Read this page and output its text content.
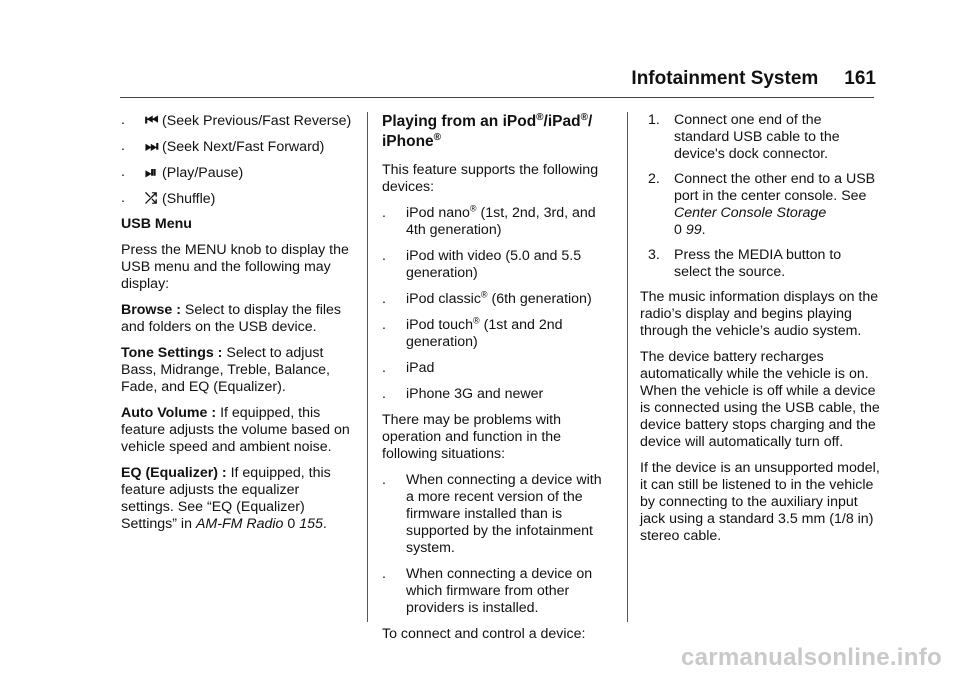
Infotainment System 161
. ⏮ (Seek Previous/Fast Reverse)
. ⏭ (Seek Next/Fast Forward)
. ⏯ (Play/Pause)
. ⤮ (Shuffle)

USB Menu

Press the MENU knob to display the USB menu and the following may display:

Browse : Select to display the files and folders on the USB device.

Tone Settings : Select to adjust Bass, Midrange, Treble, Balance, Fade, and EQ (Equalizer).

Auto Volume : If equipped, this feature adjusts the volume based on vehicle speed and ambient noise.

EQ (Equalizer) : If equipped, this feature adjusts the equalizer settings. See “EQ (Equalizer) Settings” in AM-FM Radio 0 155.

Playing from an iPod®/iPad®/
iPhone®

This feature supports the following devices:

. iPod nano® (1st, 2nd, 3rd, and 4th generation)
. iPod with video (5.0 and 5.5 generation)
. iPod classic® (6th generation)
. iPod touch® (1st and 2nd generation)
. iPad
. iPhone 3G and newer

There may be problems with operation and function in the following situations:

. When connecting a device with a more recent version of the firmware installed than is supported by the infotainment system.
. When connecting a device on which firmware from other providers is installed.

To connect and control a device:

1. Connect one end of the standard USB cable to the device's dock connector.
2. Connect the other end to a USB port in the center console. See Center Console Storage
0 99.
3. Press the MEDIA button to select the source.

The music information displays on the radio’s display and begins playing through the vehicle’s audio system.

The device battery recharges automatically while the vehicle is on. When the vehicle is off while a device is connected using the USB cable, the device battery stops charging and the device will automatically turn off.

If the device is an unsupported model, it can still be listened to in the vehicle by connecting to the auxiliary input jack using a standard 3.5 mm (1/8 in) stereo cable.

carmanualsonline.info
